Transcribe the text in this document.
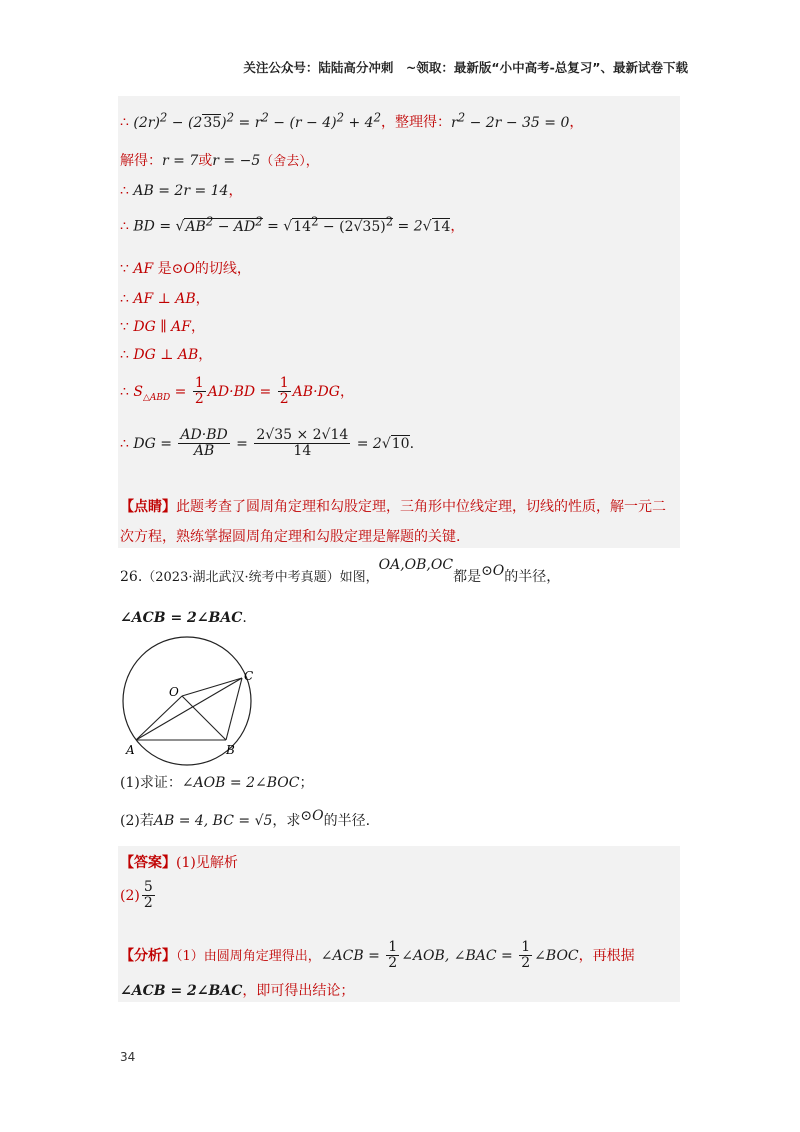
关注公众号：陆陆高分冲刺　~领取：最新版“小中高考-总复习”、最新试卷下载
∴ $(2r)^2 - (235)^2 = r^2 - (r - 4)^2 + 4^2$，整理得：$r^2 - 2r - 35 = 0$，
解得：r = 7或r = −5（舍去），
∴ AB = 2r = 14，
∴ BD = $√AB^2 - AD^2 = √14^2 - (2√35)^2 = 2√14$，
∵ AF 是⊙O的切线，
∴ AF ⊥ AB，
∵ DG ∥ AF，
∴ DG ⊥ AB，
∴ $S_{\triangle ABD} = \frac{1}{2} AD\cdot BD = \frac{1}{2} AB\cdot DG$，
∴ DG = $\frac{AD\cdot BD}{AB} = \frac{2√35 \times 2√14}{14} = 2√10$.
【点睛】此题考查了圆周角定理和勾股定理，三角形中位线定理，切线的性质，解一元二
次方程，熟练掌握圆周角定理和勾股定理是解题的关键.
26.（2023·湖北武汉·统考中考真题）如图，OA,OB,OC都是⊙O的半径，
∠ACB = 2∠BAC.
O
C
A	B
(1)求证：∠AOB = 2∠BOC；
(2)若AB = 4, BC = √5，求⊙O的半径.
【答案】(1)见解析
$(2) \frac{5}{2}$
【分析】（1）由圆周角定理得出，∠ACB = $\frac{1}{2}$ ∠AOB, ∠BAC = $\frac{1}{2}$ ∠BOC，再根据
∠ACB = 2∠BAC，即可得出结论；
34
